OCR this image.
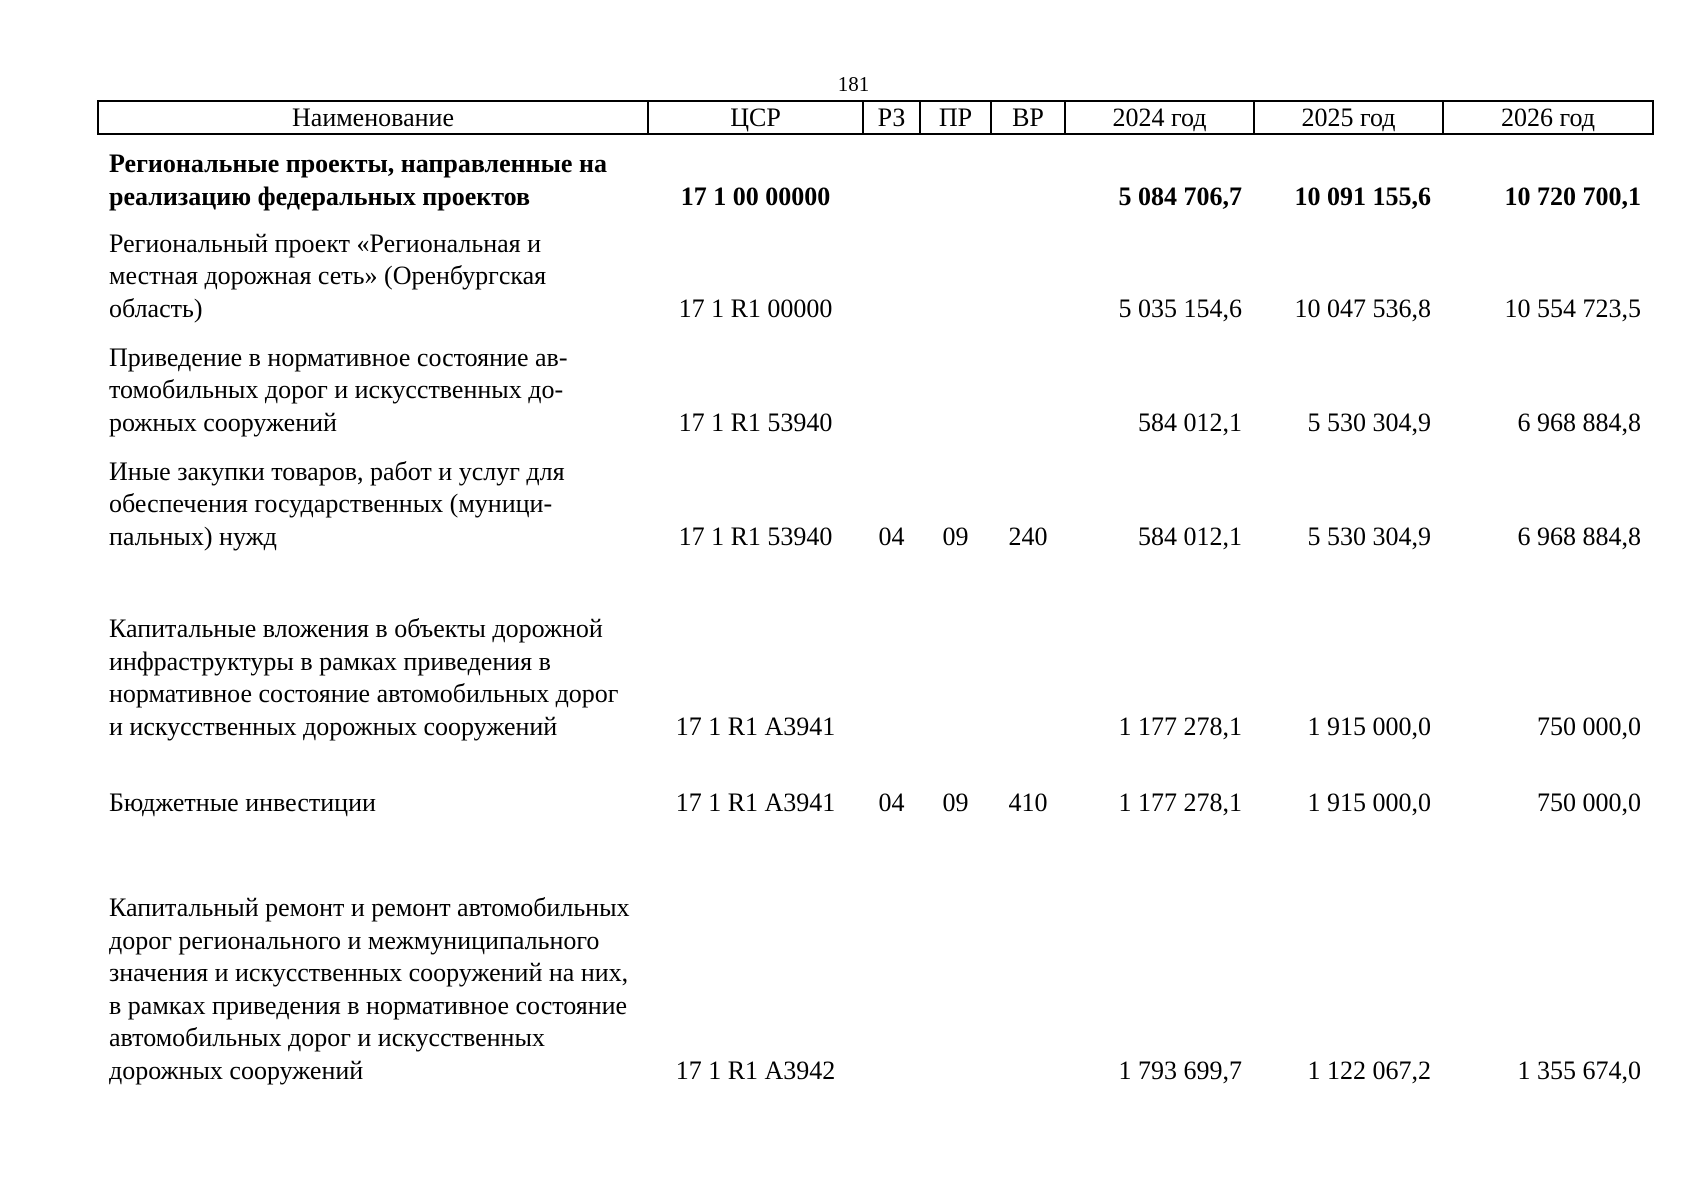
181
Наименование	ЦСР	РЗ	ПР	ВР	2024 год	2025 год	2026 год
Региональные проекты, направленные на реализацию федеральных проектов	17 1 00 00000				5 084 706,7	10 091 155,6	10 720 700,1
Региональный проект «Региональная и местная дорожная сеть» (Оренбургская область)	17 1 R1 00000				5 035 154,6	10 047 536,8	10 554 723,5
Приведение в нормативное состояние автомобильных дорог и искусственных дорожных сооружений	17 1 R1 53940				584 012,1	5 530 304,9	6 968 884,8
Иные закупки товаров, работ и услуг для обеспечения государственных (муниципальных) нужд	17 1 R1 53940	04	09	240	584 012,1	5 530 304,9	6 968 884,8
Капитальные вложения в объекты дорожной инфраструктуры в рамках приведения в нормативное состояние автомобильных дорог и искусственных дорожных сооружений	17 1 R1 А3941				1 177 278,1	1 915 000,0	750 000,0
Бюджетные инвестиции	17 1 R1 А3941	04	09	410	1 177 278,1	1 915 000,0	750 000,0
Капитальный ремонт и ремонт автомобильных дорог регионального и межмуниципального значения и искусственных сооружений на них, в рамках приведения в нормативное состояние автомобильных дорог и искусственных дорожных сооружений	17 1 R1 А3942				1 793 699,7	1 122 067,2	1 355 674,0
